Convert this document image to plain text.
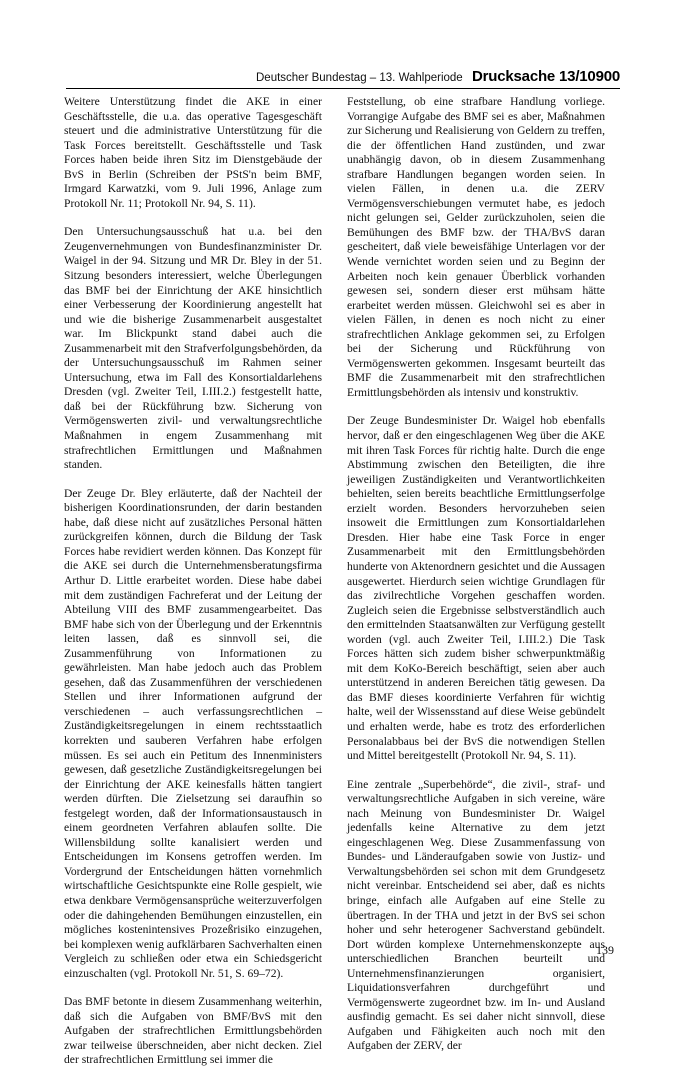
Deutscher Bundestag – 13. Wahlperiode Drucksache 13/10900

Weitere Unterstützung findet die AKE in einer Geschäftsstelle, die u.a. das operative Tagesgeschäft steuert und die administrative Unterstützung für die Task Forces bereitstellt. Geschäftsstelle und Task Forces haben beide ihren Sitz im Dienstgebäude der BvS in Berlin (Schreiben der PStS'n beim BMF, Irmgard Karwatzki, vom 9. Juli 1996, Anlage zum Protokoll Nr. 11; Protokoll Nr. 94, S. 11).

Den Untersuchungsausschuß hat u.a. bei den Zeugenvernehmungen von Bundesfinanzminister Dr. Waigel in der 94. Sitzung und MR Dr. Bley in der 51. Sitzung besonders interessiert, welche Überlegungen das BMF bei der Einrichtung der AKE hinsichtlich einer Verbesserung der Koordinierung angestellt hat und wie die bisherige Zusammenarbeit ausgestaltet war. Im Blickpunkt stand dabei auch die Zusammenarbeit mit den Strafverfolgungsbehörden, da der Untersuchungsausschuß im Rahmen seiner Untersuchung, etwa im Fall des Konsortialdarlehens Dresden (vgl. Zweiter Teil, I.III.2.) festgestellt hatte, daß bei der Rückführung bzw. Sicherung von Vermögenswerten zivil- und verwaltungsrechtliche Maßnahmen in engem Zusammenhang mit strafrechtlichen Ermittlungen und Maßnahmen standen.

Der Zeuge Dr. Bley erläuterte, daß der Nachteil der bisherigen Koordinationsrunden, der darin bestanden habe, daß diese nicht auf zusätzliches Personal hätten zurückgreifen können, durch die Bildung der Task Forces habe revidiert werden können. Das Konzept für die AKE sei durch die Unternehmensberatungsfirma Arthur D. Little erarbeitet worden. Diese habe dabei mit dem zuständigen Fachreferat und der Leitung der Abteilung VIII des BMF zusammengearbeitet. Das BMF habe sich von der Überlegung und der Erkenntnis leiten lassen, daß es sinnvoll sei, die Zusammenführung von Informationen zu gewährleisten. Man habe jedoch auch das Problem gesehen, daß das Zusammenführen der verschiedenen Stellen und ihrer Informationen aufgrund der verschiedenen – auch verfassungsrechtlichen – Zuständigkeitsregelungen in einem rechtsstaatlich korrekten und sauberen Verfahren habe erfolgen müssen. Es sei auch ein Petitum des Innenministers gewesen, daß gesetzliche Zuständigkeitsregelungen bei der Einrichtung der AKE keinesfalls hätten tangiert werden dürften. Die Zielsetzung sei daraufhin so festgelegt worden, daß der Informationsaustausch in einem geordneten Verfahren ablaufen sollte. Die Willensbildung sollte kanalisiert werden und Entscheidungen im Konsens getroffen werden. Im Vordergrund der Entscheidungen hätten vornehmlich wirtschaftliche Gesichtspunkte eine Rolle gespielt, wie etwa denkbare Vermögensansprüche weiterzuverfolgen oder die dahingehenden Bemühungen einzustellen, ein mögliches kostenintensives Prozeßrisiko einzugehen, bei komplexen wenig aufklärbaren Sachverhalten einen Vergleich zu schließen oder etwa ein Schiedsgericht einzuschalten (vgl. Protokoll Nr. 51, S. 69–72).

Das BMF betonte in diesem Zusammenhang weiterhin, daß sich die Aufgaben von BMF/BvS mit den Aufgaben der strafrechtlichen Ermittlungsbehörden zwar teilweise überschneiden, aber nicht decken. Ziel der strafrechtlichen Ermittlung sei immer die

Feststellung, ob eine strafbare Handlung vorliege. Vorrangige Aufgabe des BMF sei es aber, Maßnahmen zur Sicherung und Realisierung von Geldern zu treffen, die der öffentlichen Hand zustünden, und zwar unabhängig davon, ob in diesem Zusammenhang strafbare Handlungen begangen worden seien. In vielen Fällen, in denen u.a. die ZERV Vermögensverschiebungen vermutet habe, es jedoch nicht gelungen sei, Gelder zurückzuholen, seien die Bemühungen des BMF bzw. der THA/BvS daran gescheitert, daß viele beweisfähige Unterlagen vor der Wende vernichtet worden seien und zu Beginn der Arbeiten noch kein genauer Überblick vorhanden gewesen sei, sondern dieser erst mühsam hätte erarbeitet werden müssen. Gleichwohl sei es aber in vielen Fällen, in denen es noch nicht zu einer strafrechtlichen Anklage gekommen sei, zu Erfolgen bei der Sicherung und Rückführung von Vermögenswerten gekommen. Insgesamt beurteilt das BMF die Zusammenarbeit mit den strafrechtlichen Ermittlungsbehörden als intensiv und konstruktiv.

Der Zeuge Bundesminister Dr. Waigel hob ebenfalls hervor, daß er den eingeschlagenen Weg über die AKE mit ihren Task Forces für richtig halte. Durch die enge Abstimmung zwischen den Beteiligten, die ihre jeweiligen Zuständigkeiten und Verantwortlichkeiten behielten, seien bereits beachtliche Ermittlungserfolge erzielt worden. Besonders hervorzuheben seien insoweit die Ermittlungen zum Konsortialdarlehen Dresden. Hier habe eine Task Force in enger Zusammenarbeit mit den Ermittlungsbehörden hunderte von Aktenordnern gesichtet und die Aussagen ausgewertet. Hierdurch seien wichtige Grundlagen für das zivilrechtliche Vorgehen geschaffen worden. Zugleich seien die Ergebnisse selbstverständlich auch den ermittelnden Staatsanwälten zur Verfügung gestellt worden (vgl. auch Zweiter Teil, I.III.2.) Die Task Forces hätten sich zudem bisher schwerpunktmäßig mit dem KoKo-Bereich beschäftigt, seien aber auch unterstützend in anderen Bereichen tätig gewesen. Da das BMF dieses koordinierte Verfahren für wichtig halte, weil der Wissensstand auf diese Weise gebündelt und erhalten werde, habe es trotz des erforderlichen Personalabbaus bei der BvS die notwendigen Stellen und Mittel bereitgestellt (Protokoll Nr. 94, S. 11).

Eine zentrale „Superbehörde“, die zivil-, straf- und verwaltungsrechtliche Aufgaben in sich vereine, wäre nach Meinung von Bundesminister Dr. Waigel jedenfalls keine Alternative zu dem jetzt eingeschlagenen Weg. Diese Zusammenfassung von Bundes- und Länderaufgaben sowie von Justiz- und Verwaltungsbehörden sei schon mit dem Grundgesetz nicht vereinbar. Entscheidend sei aber, daß es nichts bringe, einfach alle Aufgaben auf eine Stelle zu übertragen. In der THA und jetzt in der BvS sei schon hoher und sehr heterogener Sachverstand gebündelt. Dort würden komplexe Unternehmenskonzepte aus unterschiedlichen Branchen beurteilt und Unternehmensfinanzierungen organisiert, Liquidationsverfahren durchgeführt und Vermögenswerte zugeordnet bzw. im In- und Ausland ausfindig gemacht. Es sei daher nicht sinnvoll, diese Aufgaben und Fähigkeiten auch noch mit den Aufgaben der ZERV, der

139
